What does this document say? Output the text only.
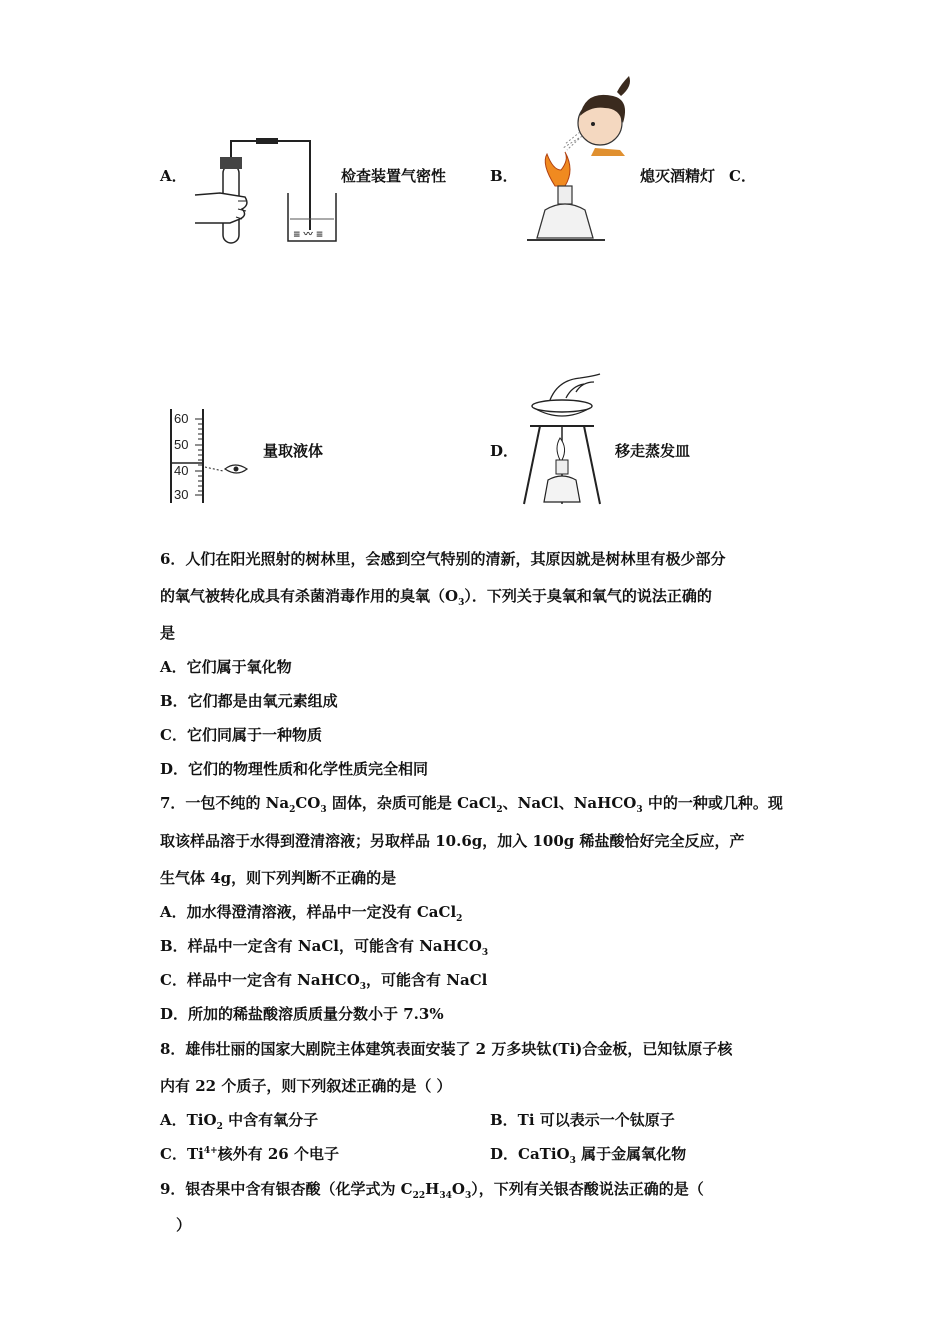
A．
≡ 〰 ≡
检查装置气密性	B．	熄灭酒精灯 C．
60
50
40
30
量取液体	D．	移走蒸发皿
6．人们在阳光照射的树林里，会感到空气特别的清新，其原因就是树林里有极少部分
的氧气被转化成具有杀菌消毒作用的臭氧$(O_3)$．下列关于臭氧和氧气的说法正确的
是
A．它们属于氧化物
B．它们都是由氧元素组成
C．它们同属于一种物质
D．它们的物理性质和化学性质完全相同
7．一包不纯的 $Na_2CO_3$ 固体，杂质可能是 CaCl$_2$、NaCl、NaHCO$_3$ 中的一种或几种。现
取该样品溶于水得到澄清溶液；另取样品 10.6g，加入 100g 稀盐酸恰好完全反应，产
生气体 4g，则下列判断不正确的是
A．加水得澄清溶液，样品中一定没有 CaCl$_2$
B．样品中一定含有 NaCl，可能含有 NaHCO$_3$
C．样品中一定含有 NaHCO$_3$，可能含有 NaCl
D．所加的稀盐酸溶质质量分数小于 7.3%
8．雄伟壮丽的国家大剧院主体建筑表面安装了 2 万多块钛(Ti)合金板，已知钛原子核
内有 22 个质子，则下列叙述正确的是（ ）
A．TiO$_2$ 中含有氧分子	B．Ti 可以表示一个钛原子
C．$Ti^{4+}$核外有 26 个电子	D．CaTiO$_3$ 属于金属氧化物
9．银杏果中含有银杏酸（化学式为 $C_{22}H_{34}O_3$），下列有关银杏酸说法正确的是（
）
